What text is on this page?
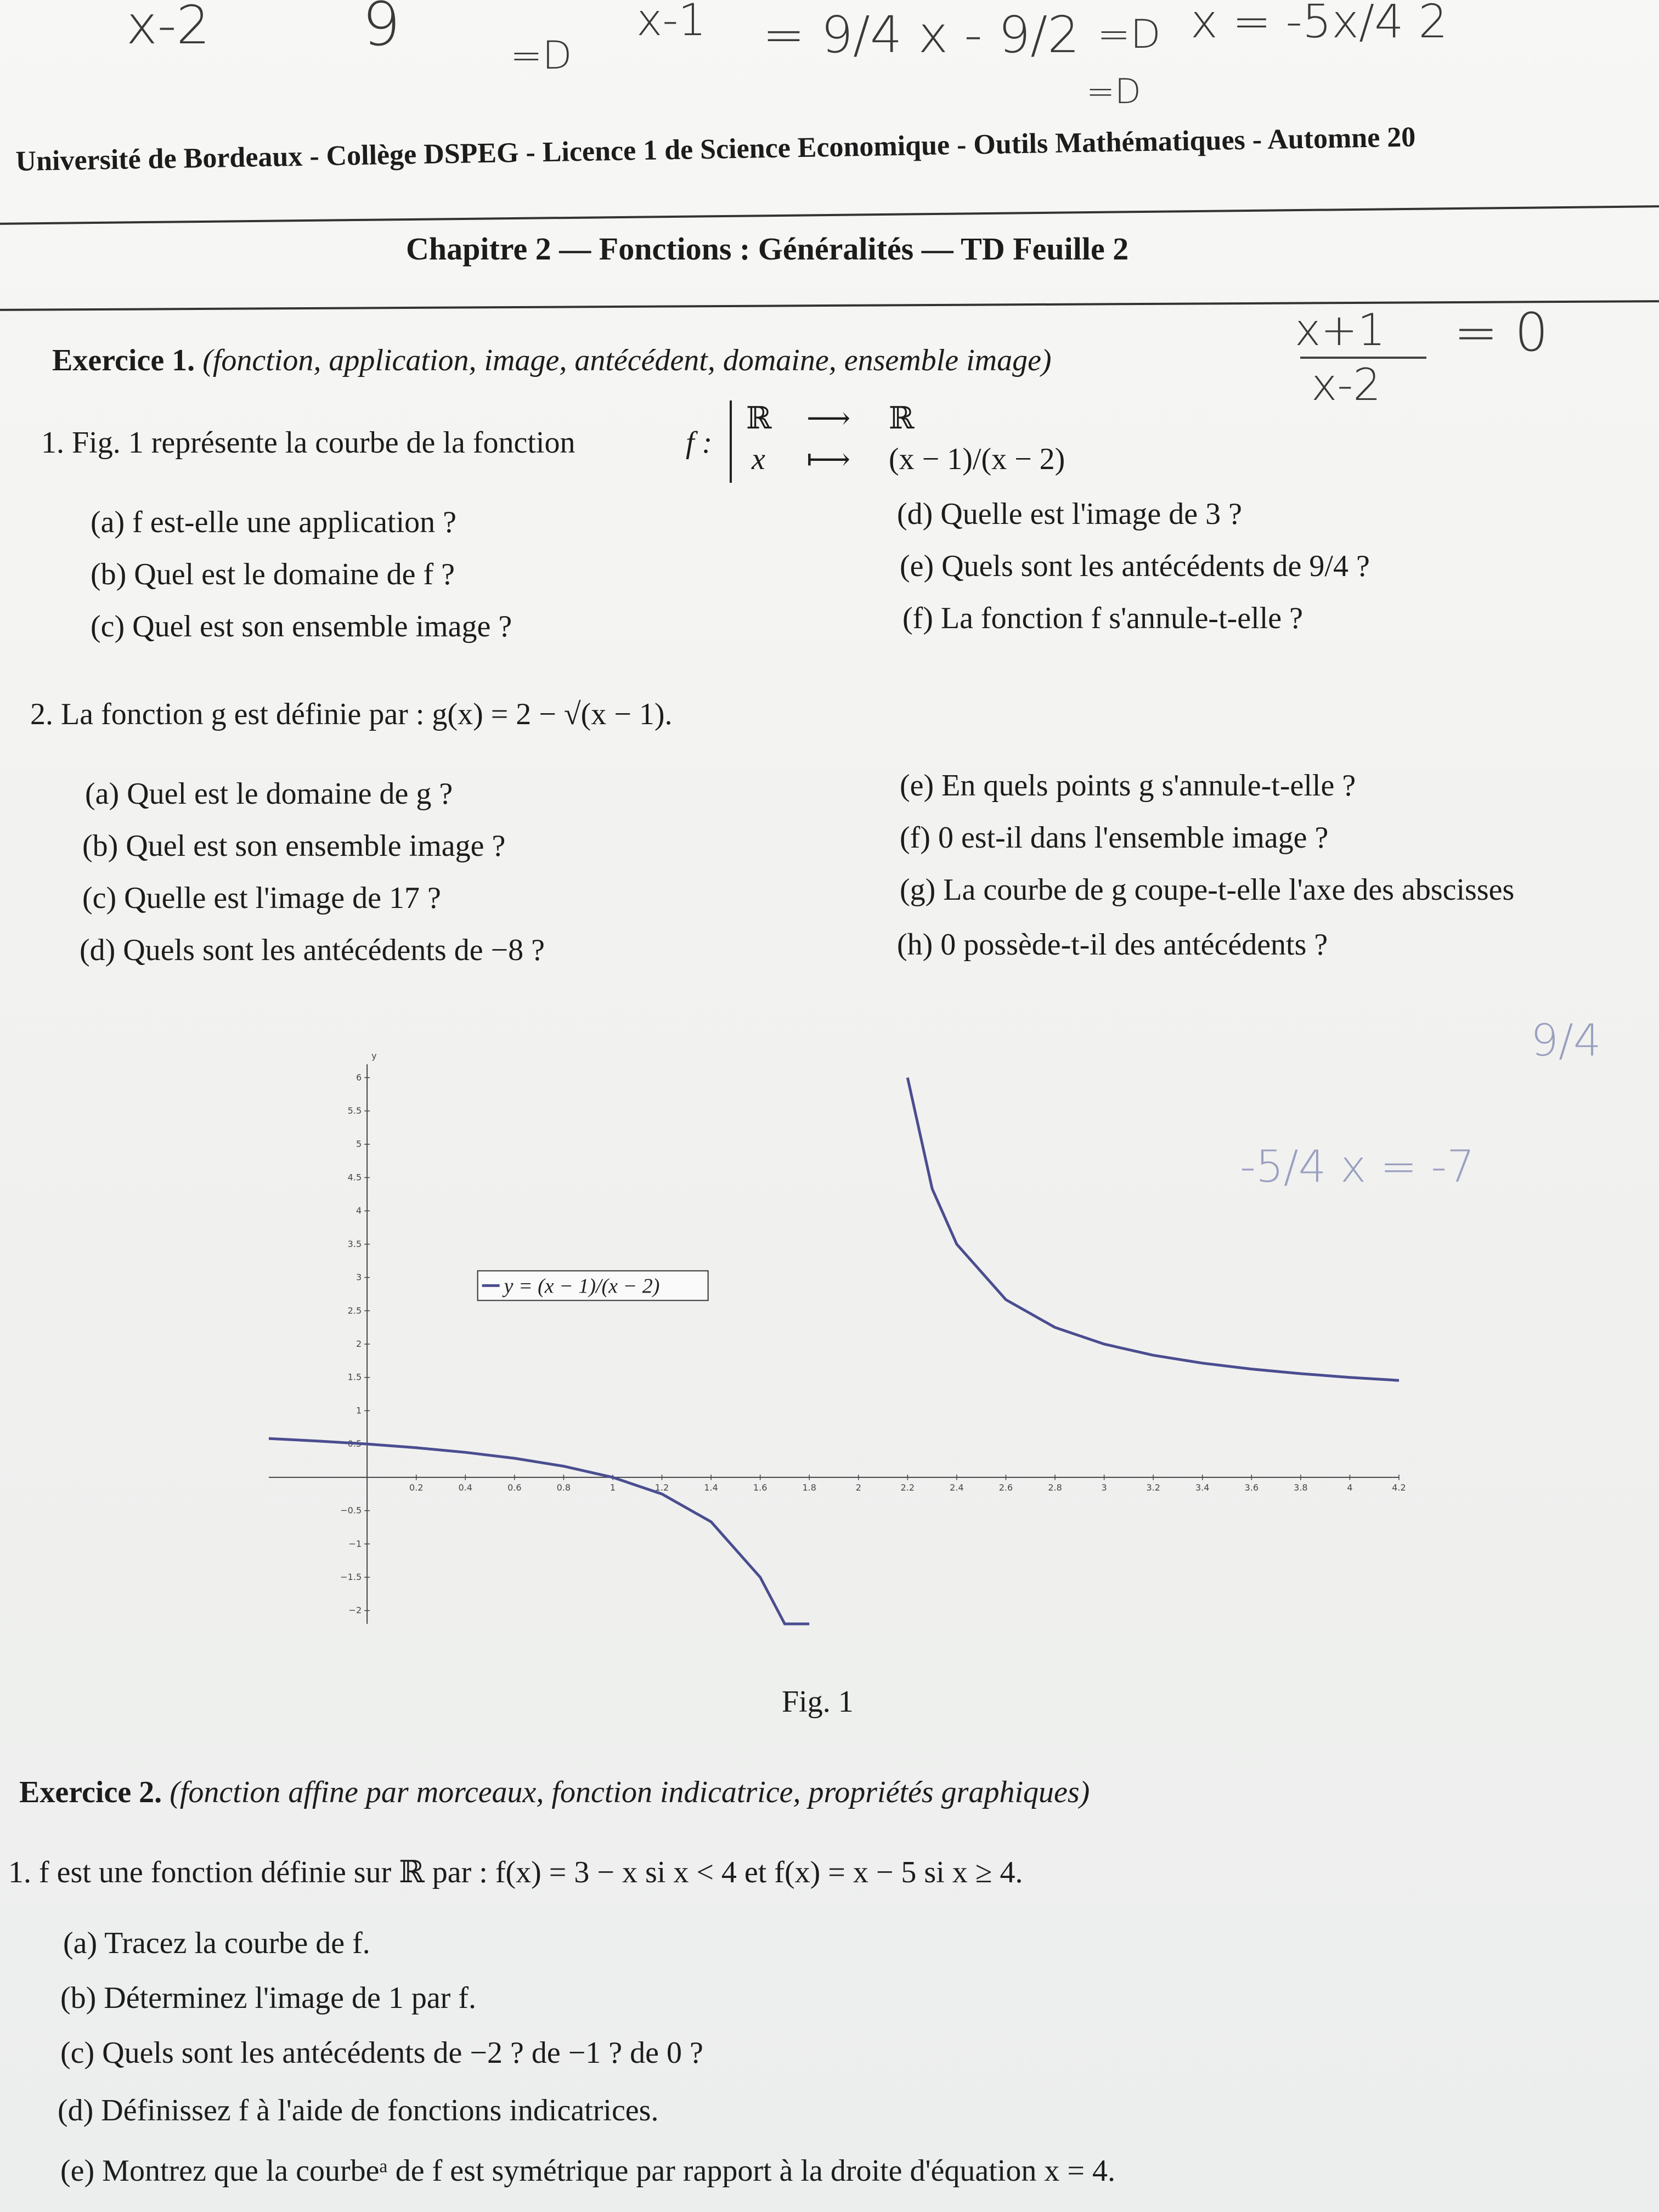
x-2	9	=D
x-1 = 9/4 x - 9/2 =D x = -5x/4 2
=D
Université de Bordeaux - Collège DSPEG - Licence 1 de Science Economique - Outils Mathématiques - Automne 20
Chapitre 2 — Fonctions : Généralités — TD Feuille 2
x+1
x-2
= 0
Exercice 1. (fonction, application, image, antécédent, domaine, ensemble image)
1. Fig. 1 représente la courbe de la fonction	f :
ℝ ⟶ ℝ
x ⟼ (x − 1)/(x − 2)
(a) f est-elle une application ?
(b) Quel est le domaine de f ?
(c) Quel est son ensemble image ?
(d) Quelle est l'image de 3 ?
(e) Quels sont les antécédents de 9/4 ?
(f) La fonction f s'annule-t-elle ?
2. La fonction g est définie par : g(x) = 2 − √(x − 1).
(a) Quel est le domaine de g ?
(b) Quel est son ensemble image ?
(c) Quelle est l'image de 17 ?
(d) Quels sont les antécédents de −8 ?
(e) En quels points g s'annule-t-elle ?
(f) 0 est-il dans l'ensemble image ?
(g) La courbe de g coupe-t-elle l'axe des abscisses
(h) 0 possède-t-il des antécédents ?
9/4
-5/4 x = -7
y
0.2	0.4	0.6	0.8	1	1.2	1.4	1.6	1.8	2	2.2	2.4	2.6	2.8	3	3.2	3.4	3.6	3.8	4	4.2
6
5.5
5
4.5
4
3.5
3
2.5
2
1.5
1
0.5
−0.5
−1
−1.5
−2
y = (x − 1)/(x − 2)
Fig. 1
Exercice 2. (fonction affine par morceaux, fonction indicatrice, propriétés graphiques)
1. f est une fonction définie sur ℝ par : f(x) = 3 − x si x < 4 et f(x) = x − 5 si x ≥ 4.
(a) Tracez la courbe de f.
(b) Déterminez l'image de 1 par f.
(c) Quels sont les antécédents de −2 ? de −1 ? de 0 ?
(d) Définissez f à l'aide de fonctions indicatrices.
(e) Montrez que la courbeᵃ de f est symétrique par rapport à la droite d'équation x = 4.
